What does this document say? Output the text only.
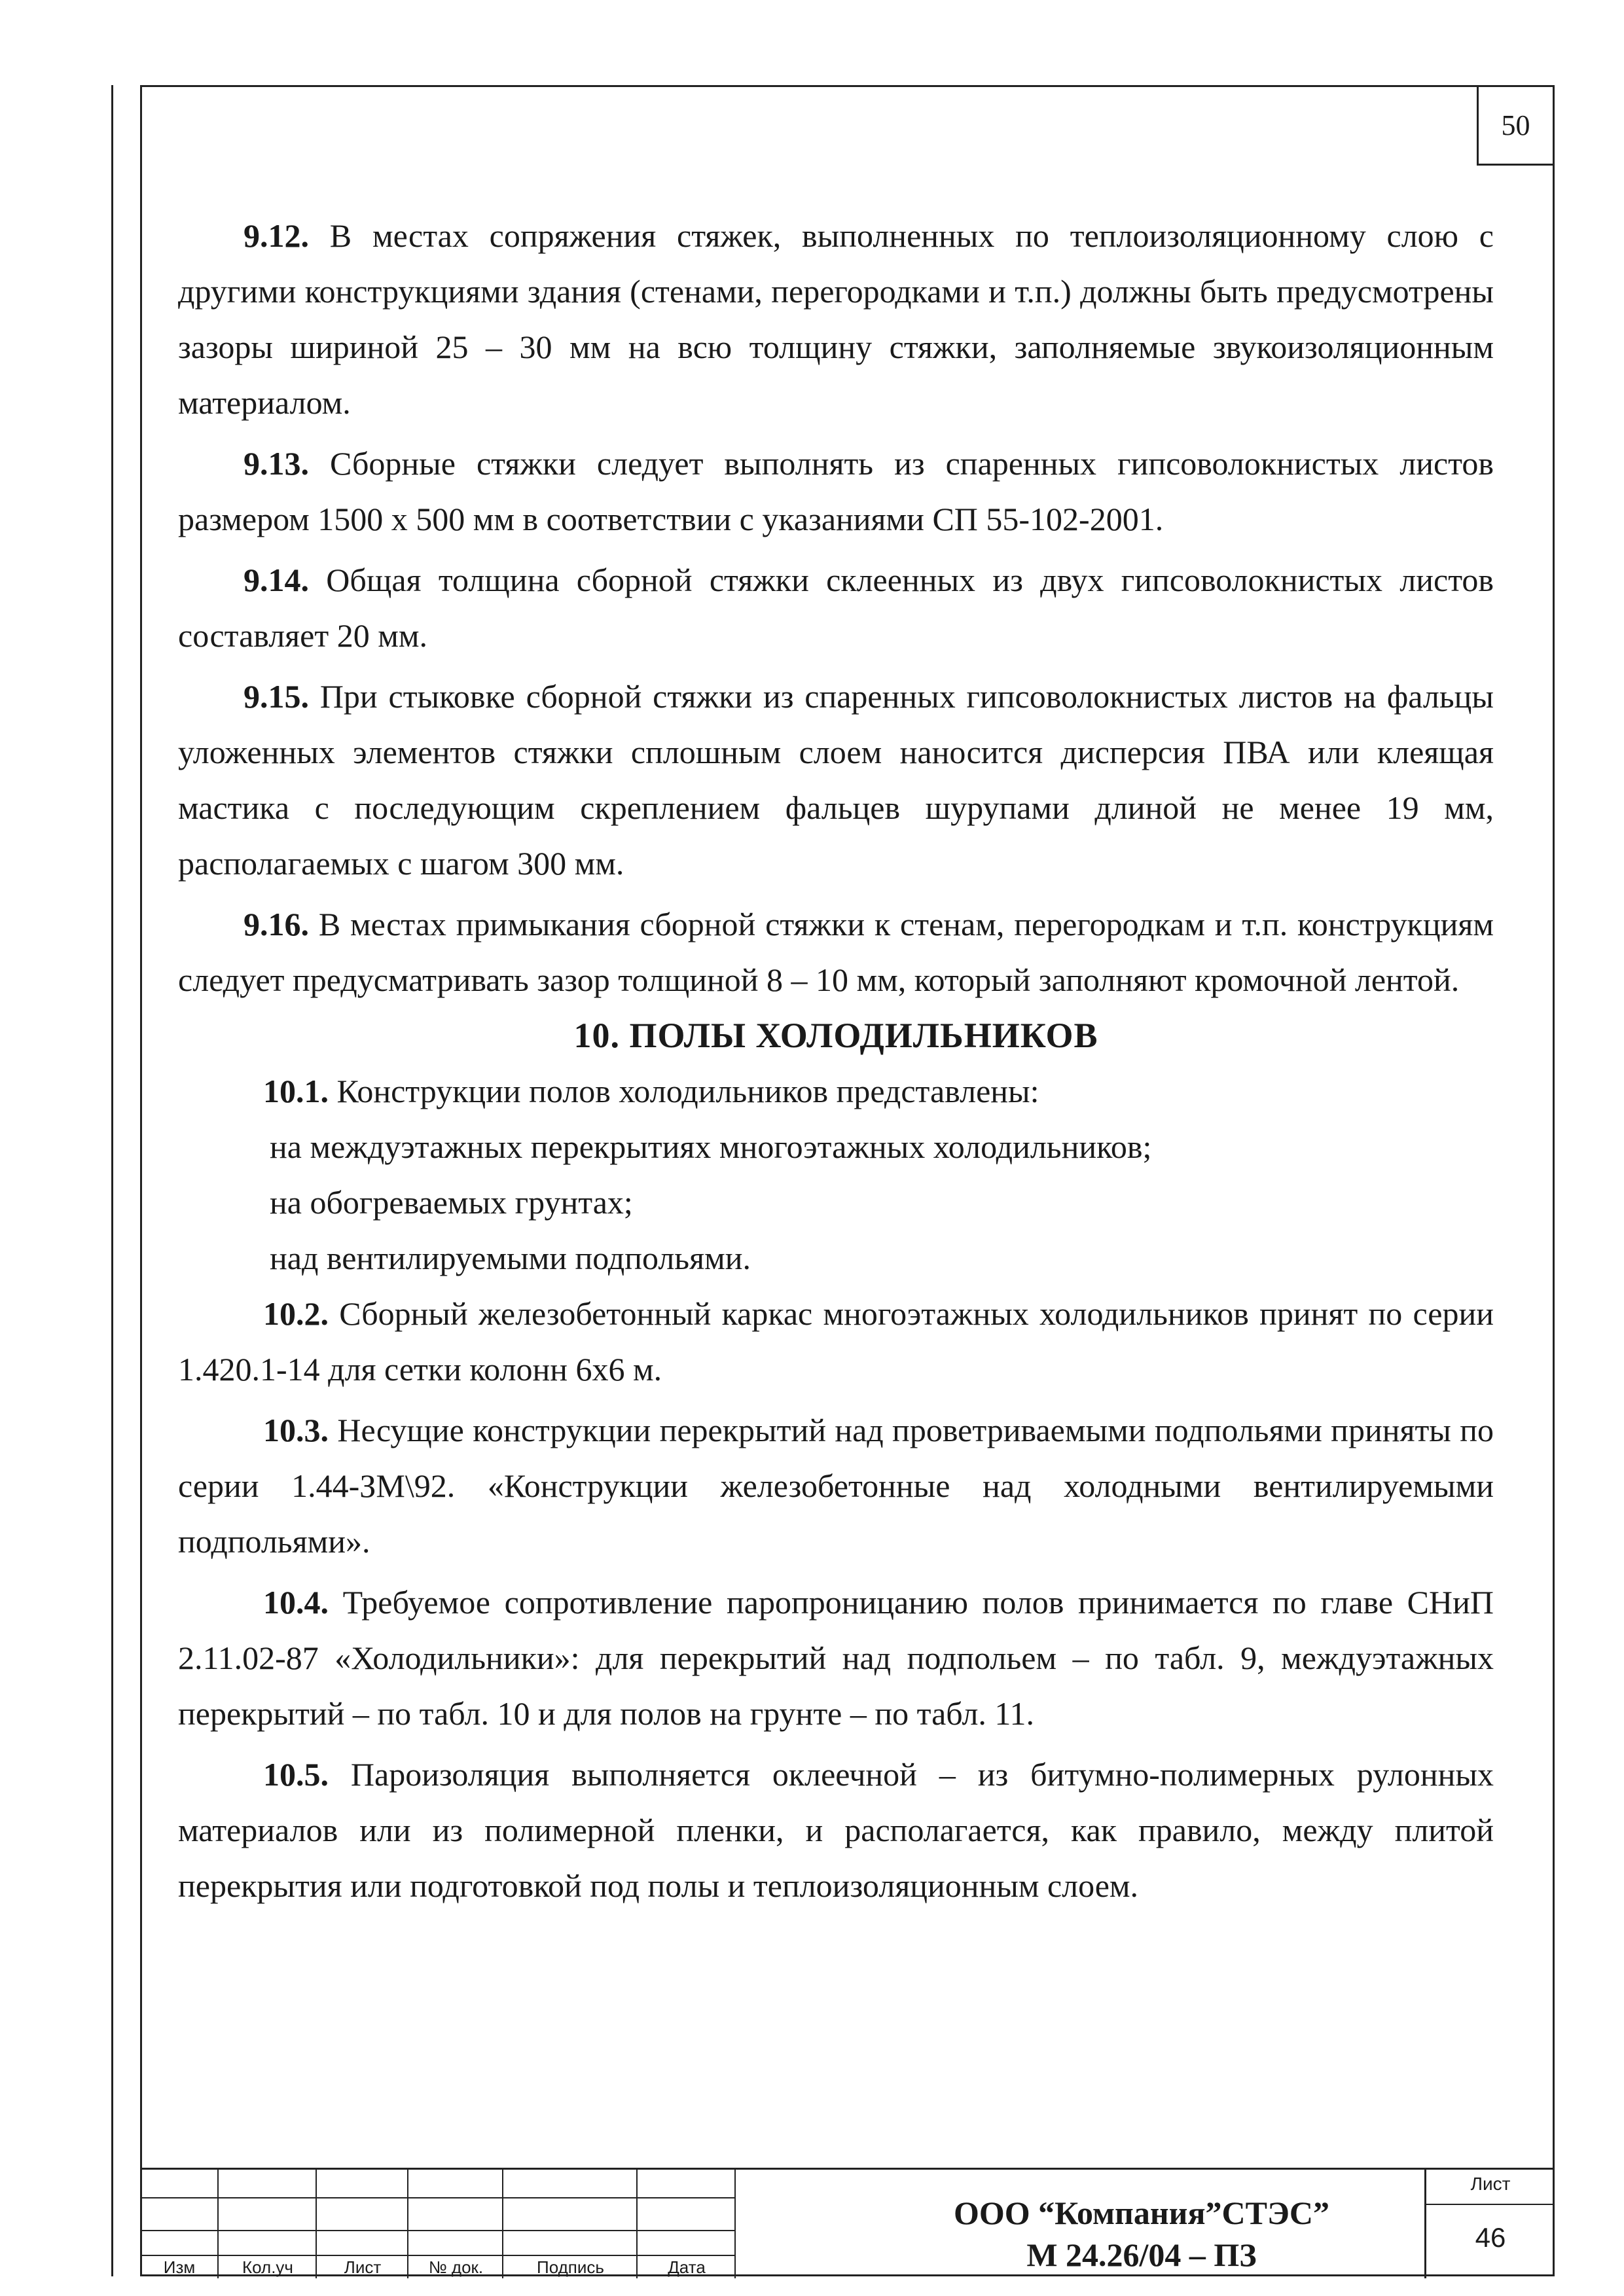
50

9.12. В местах сопряжения стяжек, выполненных по теплоизоляционному слою с другими конструкциями здания (стенами, перегородками и т.п.) должны быть предусмотрены зазоры шириной 25 – 30 мм на всю толщину стяжки, заполняемые звукоизоляционным материалом.

9.13. Сборные стяжки следует выполнять из спаренных гипсоволокнистых листов размером 1500 х 500 мм в соответствии с указаниями СП 55-102-2001.

9.14. Общая толщина сборной стяжки склеенных из двух гипсоволокнистых листов составляет 20 мм.

9.15. При стыковке сборной стяжки из спаренных гипсоволокнистых листов на фальцы уложенных элементов стяжки сплошным слоем наносится дисперсия ПВА или клеящая мастика с последующим скреплением фальцев шурупами длиной не менее 19 мм, располагаемых с шагом 300 мм.

9.16. В местах примыкания сборной стяжки к стенам, перегородкам и т.п. конструкциям следует предусматривать зазор толщиной 8 – 10 мм, который заполняют кромочной лентой.

10. ПОЛЫ ХОЛОДИЛЬНИКОВ

10.1. Конструкции полов холодильников представлены:

на междуэтажных перекрытиях многоэтажных холодильников;

на обогреваемых грунтах;

над вентилируемыми подпольями.

10.2. Сборный железобетонный каркас многоэтажных холодильников принят по серии 1.420.1-14 для сетки колонн 6х6 м.

10.3. Несущие конструкции перекрытий над проветриваемыми подпольями приняты по серии 1.44-ЗМ\92. «Конструкции железобетонные над холодными вентилируемыми подпольями».

10.4. Требуемое сопротивление паропроницанию полов принимается по главе СНиП 2.11.02-87 «Холодильники»: для перекрытий над подпольем – по табл. 9, междуэтажных перекрытий – по табл. 10 и для полов на грунте – по табл. 11.

10.5. Пароизоляция выполняется оклеечной – из битумно-полимерных рулонных материалов или из полимерной пленки, и располагается, как правило, между плитой перекрытия или подготовкой под полы и теплоизоляционным слоем.

Изм	Кол.уч	Лист	№ док.	Подпись	Дата
ООО “Компания”СТЭС”
М 24.26/04 – ПЗ
Лист
46
